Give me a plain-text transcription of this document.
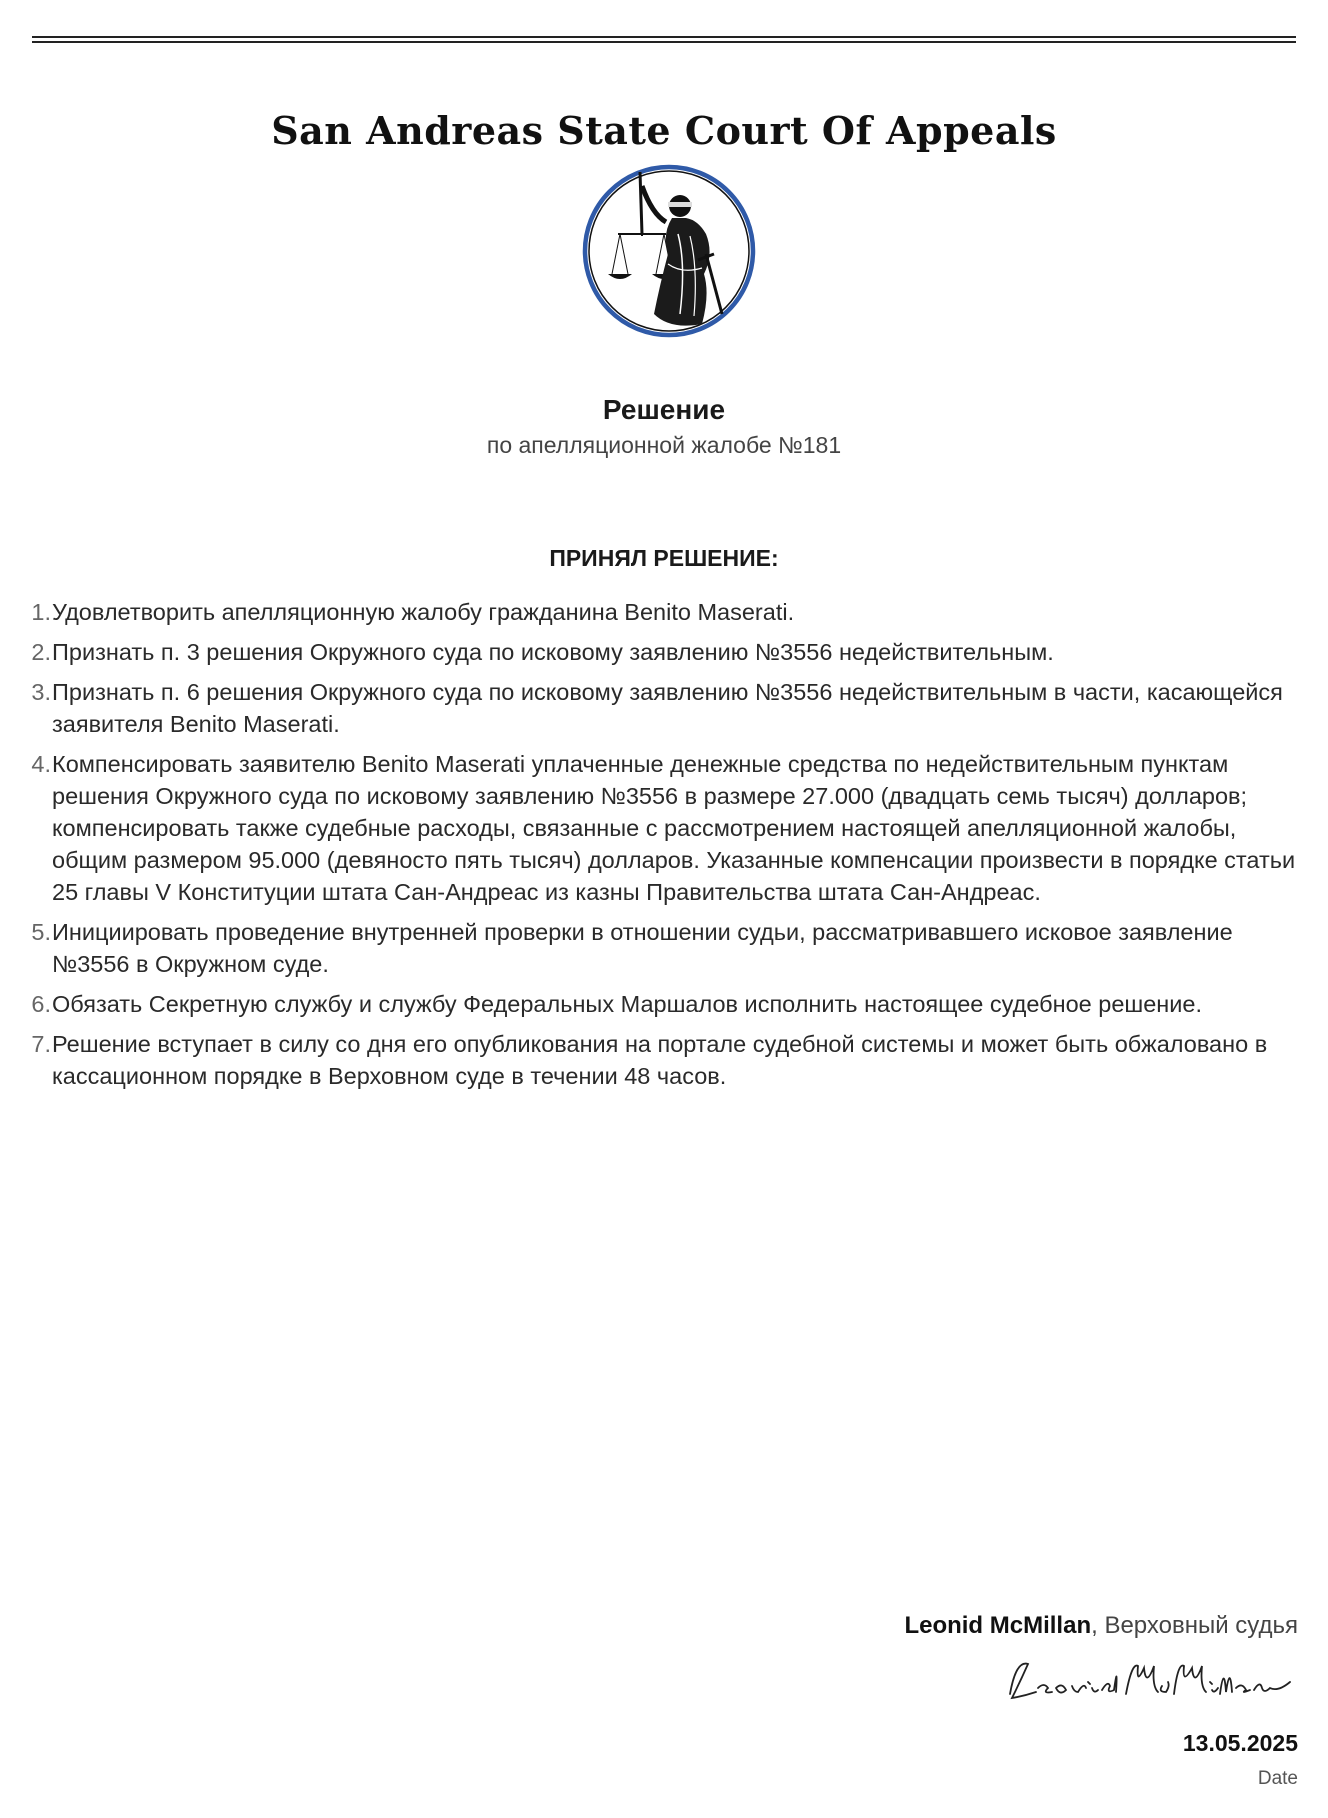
San Andreas State Court Of Appeals
Решение
по апелляционной жалобе №181
ПРИНЯЛ РЕШЕНИЕ:
1. Удовлетворить апелляционную жалобу гражданина Benito Maserati.
2. Признать п. 3 решения Окружного суда по исковому заявлению №3556 недействительным.
3. Признать п. 6 решения Окружного суда по исковому заявлению №3556 недействительным в части, касающейся заявителя Benito Maserati.
4. Компенсировать заявителю Benito Maserati уплаченные денежные средства по недействительным пунктам решения Окружного суда по исковому заявлению №3556 в размере 27.000 (двадцать семь тысяч) долларов; компенсировать также судебные расходы, связанные с рассмотрением настоящей апелляционной жалобы, общим размером 95.000 (девяносто пять тысяч) долларов. Указанные компенсации произвести в порядке статьи 25 главы V Конституции штата Сан-Андреас из казны Правительства штата Сан-Андреас.
5. Инициировать проведение внутренней проверки в отношении судьи, рассматривавшего исковое заявление №3556 в Окружном суде.
6. Обязать Секретную службу и службу Федеральных Маршалов исполнить настоящее судебное решение.
7. Решение вступает в силу со дня его опубликования на портале судебной системы и может быть обжаловано в кассационном порядке в Верховном суде в течении 48 часов.
Leonid McMillan, Верховный судья
13.05.2025
Date
